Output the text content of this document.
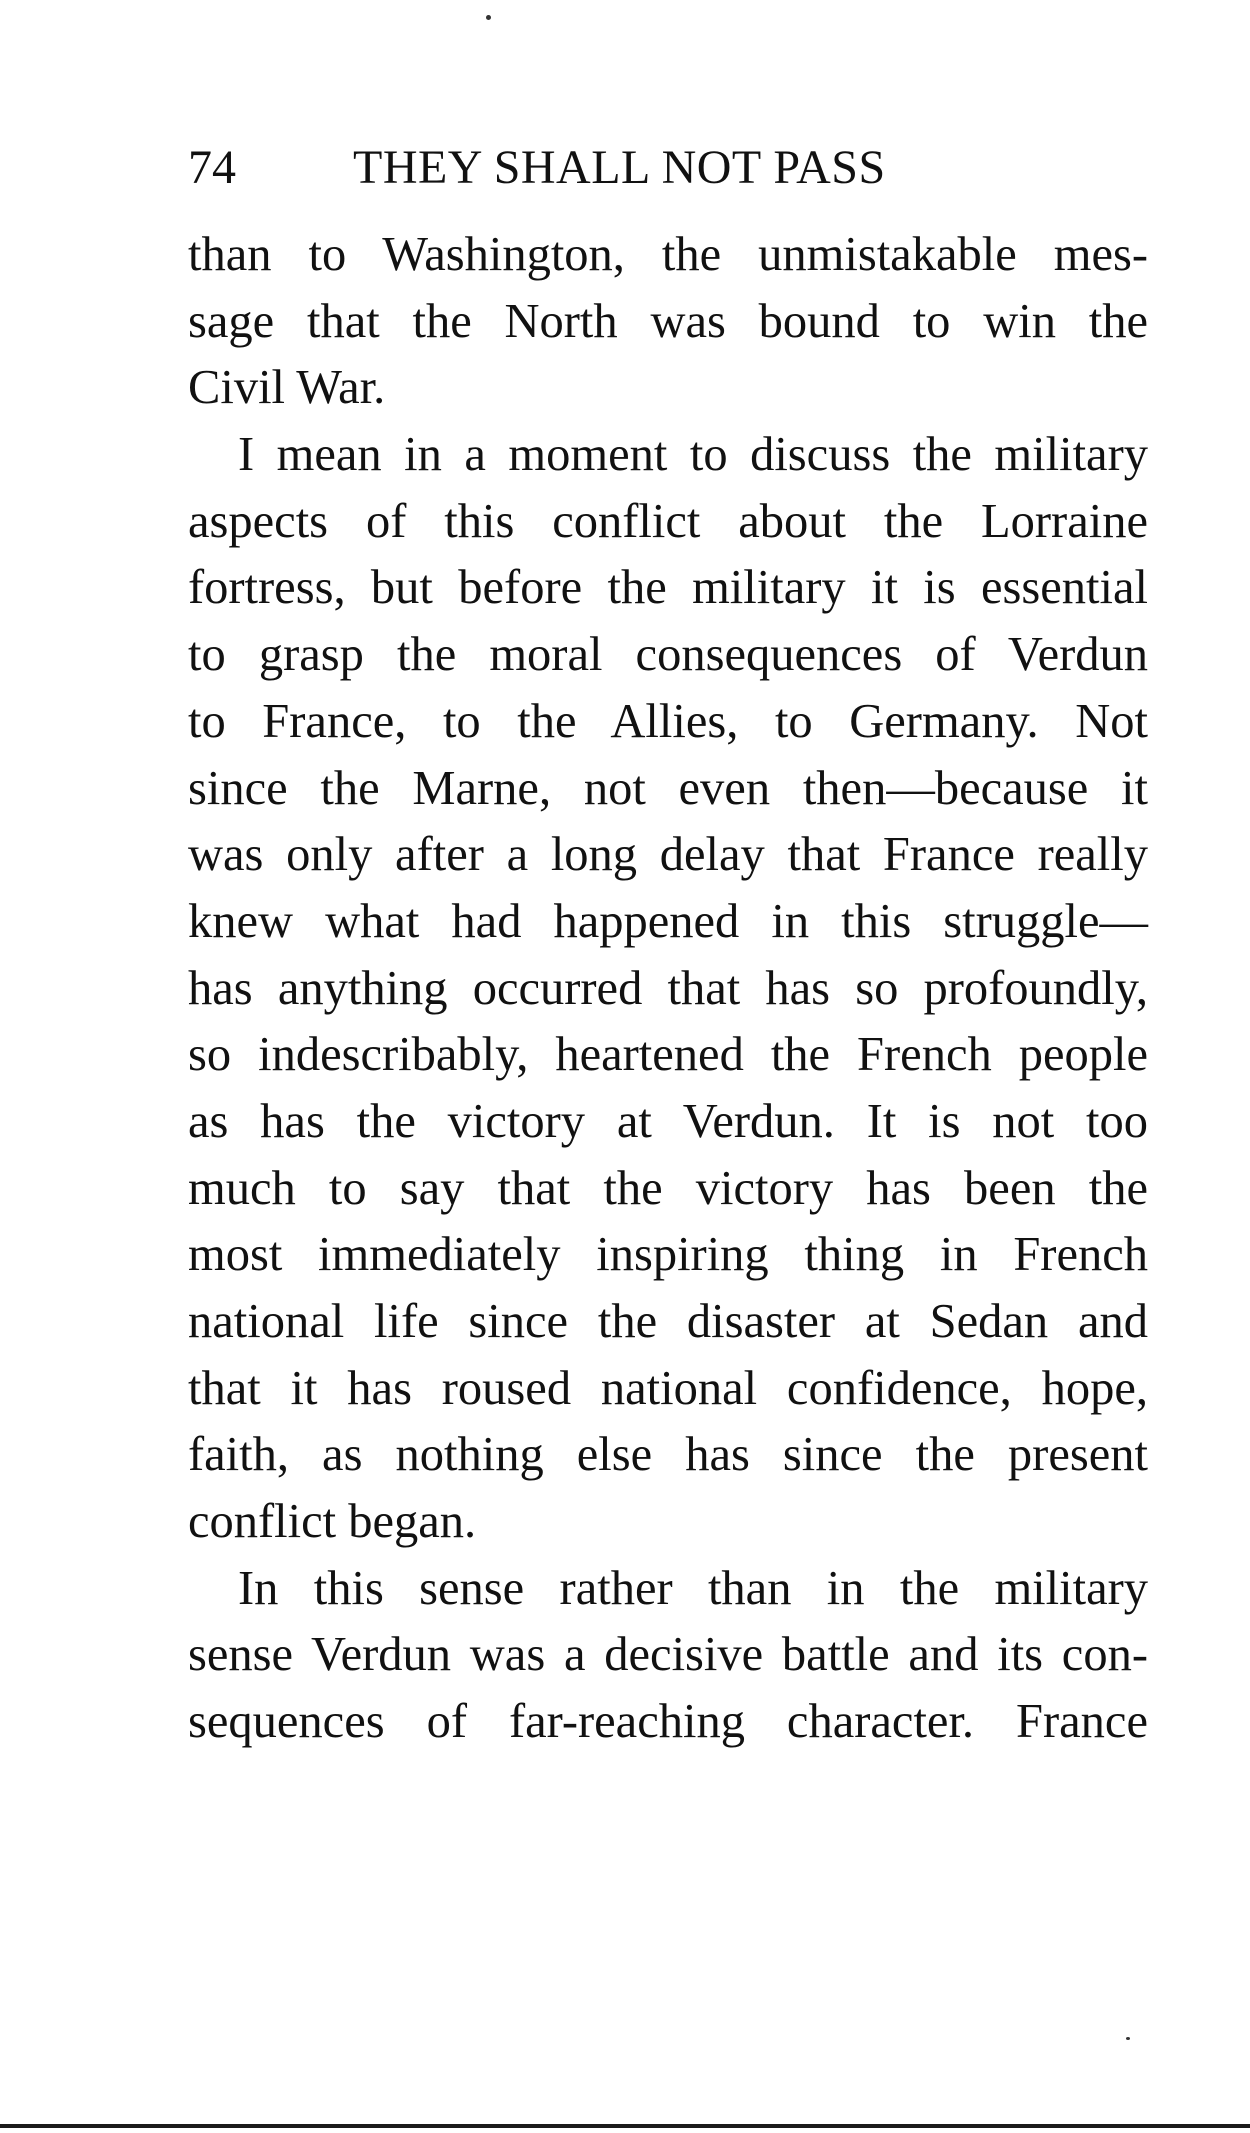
74 THEY SHALL NOT PASS
than to Washington, the unmistakable mes-
sage that the North was bound to win the
Civil War.
I mean in a moment to discuss the military
aspects of this conflict about the Lorraine
fortress, but before the military it is essential
to grasp the moral consequences of Verdun
to France, to the Allies, to Germany. Not
since the Marne, not even then—because it
was only after a long delay that France really
knew what had happened in this struggle—
has anything occurred that has so profoundly,
so indescribably, heartened the French people
as has the victory at Verdun. It is not too
much to say that the victory has been the
most immediately inspiring thing in French
national life since the disaster at Sedan and
that it has roused national confidence, hope,
faith, as nothing else has since the present
conflict began.
In this sense rather than in the military
sense Verdun was a decisive battle and its con-
sequences of far-reaching character. France
